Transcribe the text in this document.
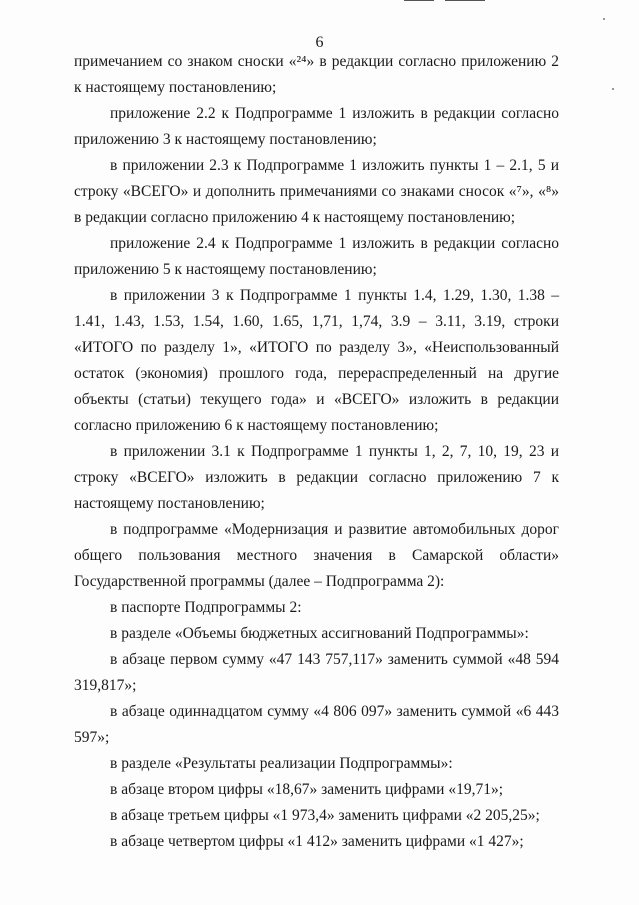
6

примечанием со знаком сноски «²⁴» в редакции согласно приложению 2 к настоящему постановлению;

приложение 2.2 к Подпрограмме 1 изложить в редакции согласно приложению 3 к настоящему постановлению;

в приложении 2.3 к Подпрограмме 1 изложить пункты 1 – 2.1, 5 и строку «ВСЕГО» и дополнить примечаниями со знаками сносок «⁷», «⁸» в редакции согласно приложению 4 к настоящему постановлению;

приложение 2.4 к Подпрограмме 1 изложить в редакции согласно приложению 5 к настоящему постановлению;

в приложении 3 к Подпрограмме 1 пункты 1.4, 1.29, 1.30, 1.38 – 1.41, 1.43, 1.53, 1.54, 1.60, 1.65, 1,71, 1,74, 3.9 – 3.11, 3.19, строки «ИТОГО по разделу 1», «ИТОГО по разделу 3», «Неиспользованный остаток (экономия) прошлого года, перераспределенный на другие объекты (статьи) текущего года» и «ВСЕГО» изложить в редакции согласно приложению 6 к настоящему постановлению;

в приложении 3.1 к Подпрограмме 1 пункты 1, 2, 7, 10, 19, 23 и строку «ВСЕГО» изложить в редакции согласно приложению 7 к настоящему постановлению;

в подпрограмме «Модернизация и развитие автомобильных дорог общего пользования местного значения в Самарской области» Государственной программы (далее – Подпрограмма 2):

в паспорте Подпрограммы 2:

в разделе «Объемы бюджетных ассигнований Подпрограммы»:

в абзаце первом сумму «47 143 757,117» заменить суммой «48 594 319,817»;

в абзаце одиннадцатом сумму «4 806 097» заменить суммой «6 443 597»;

в разделе «Результаты реализации Подпрограммы»:

в абзаце втором цифры «18,67» заменить цифрами «19,71»;

в абзаце третьем цифры «1 973,4» заменить цифрами «2 205,25»;

в абзаце четвертом цифры «1 412» заменить цифрами «1 427»;
